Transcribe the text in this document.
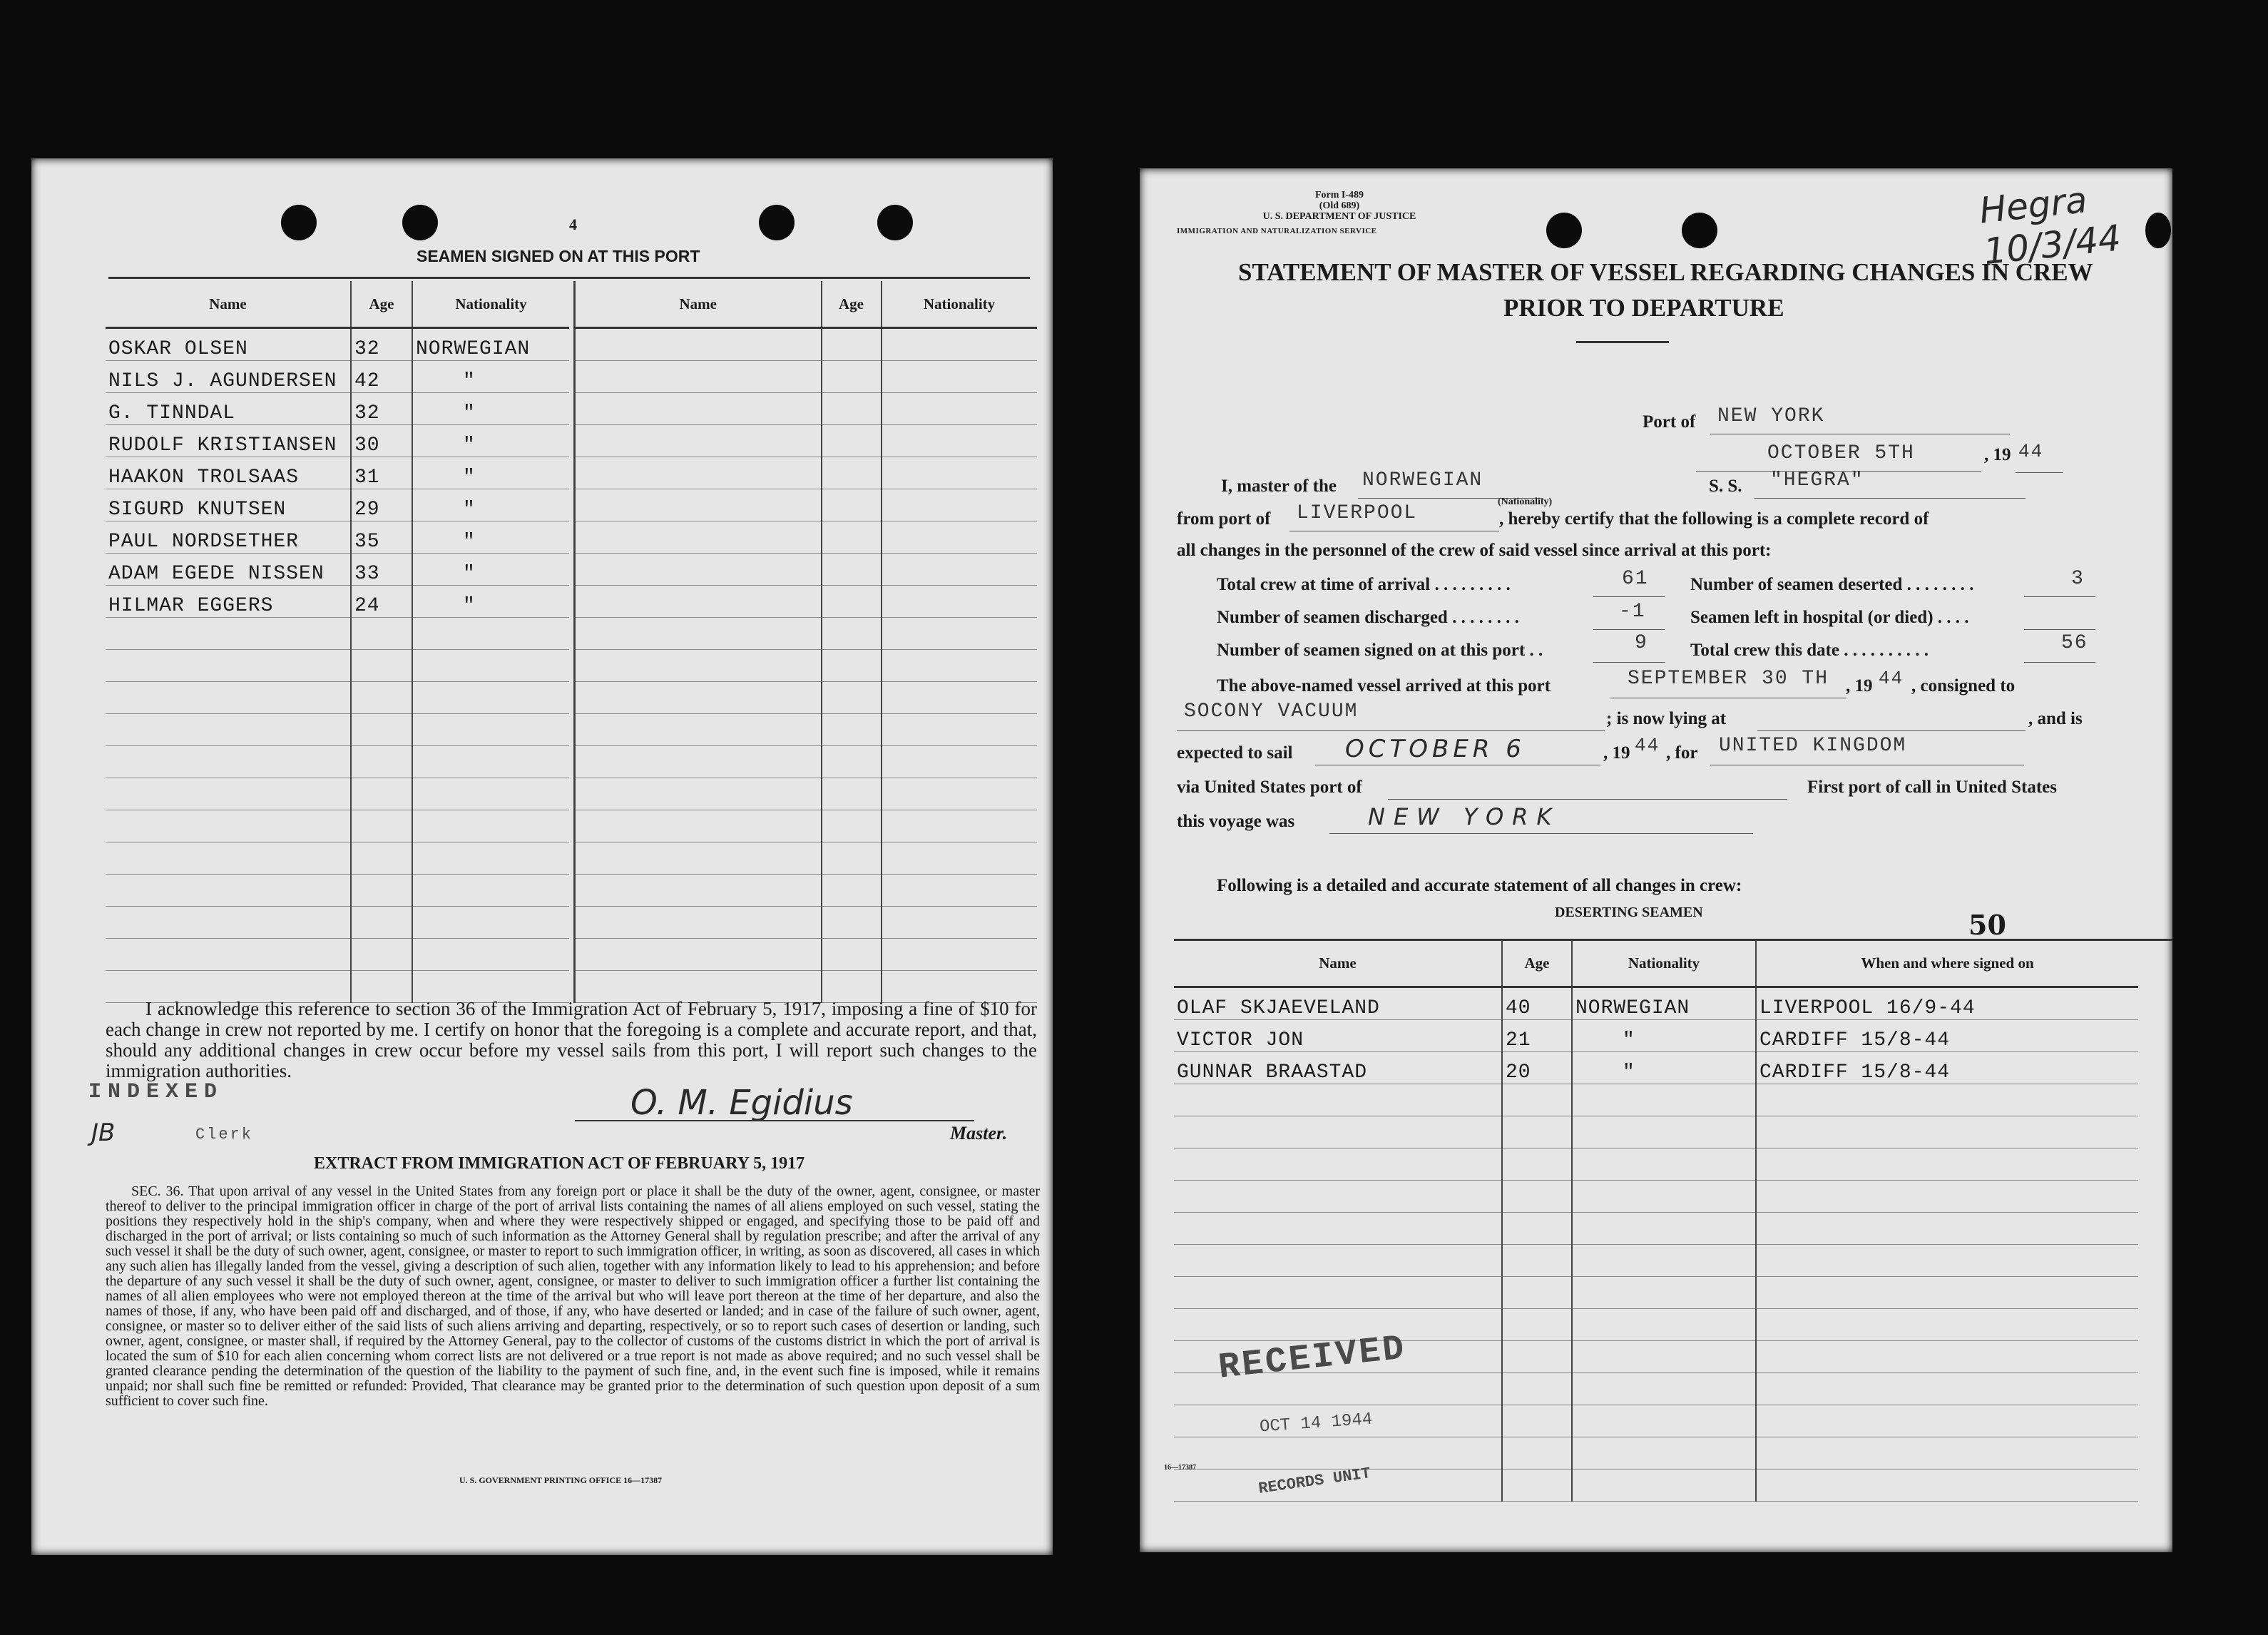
4
SEAMEN SIGNED ON AT THIS PORT
Name	Age	Nationality
OSKAR OLSEN	32	NORWEGIAN
NILS J. AGUNDERSEN	42	"
G. TINNDAL	32	"
RUDOLF KRISTIANSEN	30	"
HAAKON TROLSAAS	31	"
SIGURD KNUTSEN	29	"
PAUL NORDSETHER	35	"
ADAM EGEDE NISSEN	33	"
HILMAR EGGERS	24	"

Name	Age	Nationality

I acknowledge this reference to section 36 of the Immigration Act of February 5, 1917, imposing a fine of $10 for each change in crew not reported by me. I certify on honor that the foregoing is a complete and accurate report, and that, should any additional changes in crew occur before my vessel sails from this port, I will report such changes to the immigration authorities.
INDEXED
JB	Clerk
O. M. Egidius
Master.
EXTRACT FROM IMMIGRATION ACT OF FEBRUARY 5, 1917
SEC. 36. That upon arrival of any vessel in the United States from any foreign port or place it shall be the duty of the owner, agent, consignee, or master thereof to deliver to the principal immigration officer in charge of the port of arrival lists containing the names of all aliens employed on such vessel, stating the positions they respectively hold in the ship's company, when and where they were respectively shipped or engaged, and specifying those to be paid off and discharged in the port of arrival; or lists containing so much of such information as the Attorney General shall by regulation prescribe; and after the arrival of any such vessel it shall be the duty of such owner, agent, consignee, or master to report to such immigration officer, in writing, as soon as discovered, all cases in which any such alien has illegally landed from the vessel, giving a description of such alien, together with any information likely to lead to his apprehension; and before the departure of any such vessel it shall be the duty of such owner, agent, consignee, or master to deliver to such immigration officer a further list containing the names of all alien employees who were not employed thereon at the time of the arrival but who will leave port thereon at the time of her departure, and also the names of those, if any, who have been paid off and discharged, and of those, if any, who have deserted or landed; and in case of the failure of such owner, agent, consignee, or master so to deliver either of the said lists of such aliens arriving and departing, respectively, or so to report such cases of desertion or landing, such owner, agent, consignee, or master shall, if required by the Attorney General, pay to the collector of customs of the customs district in which the port of arrival is located the sum of $10 for each alien concerning whom correct lists are not delivered or a true report is not made as above required; and no such vessel shall be granted clearance pending the determination of the question of the liability to the payment of such fine, and, in the event such fine is imposed, while it remains unpaid; nor shall such fine be remitted or refunded: Provided, That clearance may be granted prior to the determination of such question upon deposit of a sum sufficient to cover such fine.
U. S. GOVERNMENT PRINTING OFFICE 16—17387
Form I-489
(Old 689)
U. S. DEPARTMENT OF JUSTICE
IMMIGRATION AND NATURALIZATION SERVICE	Hegra 10/3/44
STATEMENT OF MASTER OF VESSEL REGARDING CHANGES IN CREW
PRIOR TO DEPARTURE
Port of NEW YORK
OCTOBER 5TH	, 19 44
I, master of the NORWEGIAN
(Nationality)
S. S. "HEGRA"
from port of LIVERPOOL	, hereby certify that the following is a complete record of
all changes in the personnel of the crew of said vessel since arrival at this port:
Total crew at time of arrival . . . . . . . . .	61 Number of seamen deserted . . . . . . . .	3
Number of seamen discharged . . . . . . . .	-1 Seamen left in hospital (or died) . . . .
Number of seamen signed on at this port . .	9 Total crew this date . . . . . . . . . .	56
The above-named vessel arrived at this port	SEPTEMBER 30 TH , 19 44 , consigned to
SOCONY VACUUM	; is now lying at	, and is
expected to sail OCTOBER 6	, 19 44 , for UNITED KINGDOM
via United States port of	First port of call in United States
this voyage was	NEW YORK
Following is a detailed and accurate statement of all changes in crew:
DESERTING SEAMEN	50
Name	Age	Nationality	When and where signed on
OLAF SKJAEVELAND	40	NORWEGIAN	LIVERPOOL 16/9-44
VICTOR JON	21	"	CARDIFF 15/8-44
GUNNAR BRAASTAD	20	"	CARDIFF 15/8-44

RECEIVED
OCT 14 1944
16—17387	RECORDS UNIT
